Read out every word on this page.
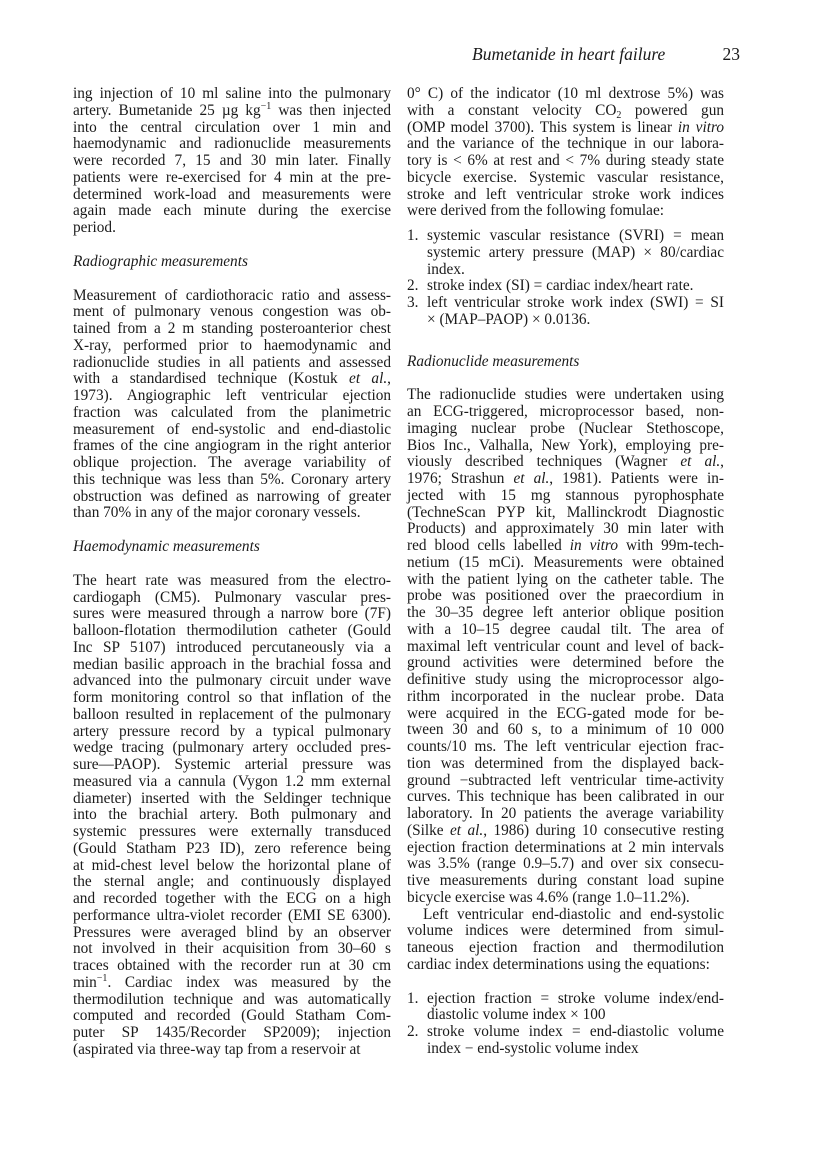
Bumetanide in heart failure	23
ing injection of 10 ml saline into the pulmonary
artery. Bumetanide 25 µg $kg^{-1}$ was then injected
into the central circulation over 1 min and
haemodynamic and radionuclide measurements
were recorded 7, 15 and 30 min later. Finally
patients were re-exercised for 4 min at the pre-
determined work-load and measurements were
again made each minute during the exercise
period.
Radiographic measurements
Measurement of cardiothoracic ratio and assess-
ment of pulmonary venous congestion was ob-
tained from a 2 m standing posteroanterior chest
X-ray, performed prior to haemodynamic and
radionuclide studies in all patients and assessed
with a standardised technique (Kostuk et al.,
1973). Angiographic left ventricular ejection
fraction was calculated from the planimetric
measurement of end-systolic and end-diastolic
frames of the cine angiogram in the right anterior
oblique projection. The average variability of
this technique was less than 5%. Coronary artery
obstruction was defined as narrowing of greater
than 70% in any of the major coronary vessels.
Haemodynamic measurements
The heart rate was measured from the electro-
cardiogaph (CM5). Pulmonary vascular pres-
sures were measured through a narrow bore (7F)
balloon-flotation thermodilution catheter (Gould
Inc SP 5107) introduced percutaneously via a
median basilic approach in the brachial fossa and
advanced into the pulmonary circuit under wave
form monitoring control so that inflation of the
balloon resulted in replacement of the pulmonary
artery pressure record by a typical pulmonary
wedge tracing (pulmonary artery occluded pres-
sure—PAOP). Systemic arterial pressure was
measured via a cannula (Vygon 1.2 mm external
diameter) inserted with the Seldinger technique
into the brachial artery. Both pulmonary and
systemic pressures were externally transduced
(Gould Statham P23 ID), zero reference being
at mid-chest level below the horizontal plane of
the sternal angle; and continuously displayed
and recorded together with the ECG on a high
performance ultra-violet recorder (EMI SE 6300).
Pressures were averaged blind by an observer
not involved in their acquisition from 30–60 s
traces obtained with the recorder run at 30 cm
$\min^{-1}$. Cardiac index was measured by the
thermodilution technique and was automatically
computed and recorded (Gould Statham Com-
puter SP 1435/Recorder SP2009); injection
(aspirated via three-way tap from a reservoir at
0° C) of the indicator (10 ml dextrose 5%) was
with a constant velocity $CO_2$ powered gun
(OMP model 3700). This system is linear in vitro
and the variance of the technique in our labora-
tory is < 6% at rest and < 7% during steady state
bicycle exercise. Systemic vascular resistance,
stroke and left ventricular stroke work indices
were derived from the following fomulae:
1. systemic vascular resistance (SVRI) = mean
systemic artery pressure (MAP) × 80/cardiac
index.
2. stroke index (SI) = cardiac index/heart rate.
3. left ventricular stroke work index (SWI) = SI
× (MAP–PAOP) × 0.0136.
Radionuclide measurements
The radionuclide studies were undertaken using
an ECG-triggered, microprocessor based, non-
imaging nuclear probe (Nuclear Stethoscope,
Bios Inc., Valhalla, New York), employing pre-
viously described techniques (Wagner et al.,
1976; Strashun et al., 1981). Patients were in-
jected with 15 mg stannous pyrophosphate
(TechneScan PYP kit, Mallinckrodt Diagnostic
Products) and approximately 30 min later with
red blood cells labelled in vitro with 99m-tech-
netium (15 mCi). Measurements were obtained
with the patient lying on the catheter table. The
probe was positioned over the praecordium in
the 30–35 degree left anterior oblique position
with a 10–15 degree caudal tilt. The area of
maximal left ventricular count and level of back-
ground activities were determined before the
definitive study using the microprocessor algo-
rithm incorporated in the nuclear probe. Data
were acquired in the ECG-gated mode for be-
tween 30 and 60 s, to a minimum of 10 000
counts/10 ms. The left ventricular ejection frac-
tion was determined from the displayed back-
ground −subtracted left ventricular time-activity
curves. This technique has been calibrated in our
laboratory. In 20 patients the average variability
(Silke et al., 1986) during 10 consecutive resting
ejection fraction determinations at 2 min intervals
was 3.5% (range 0.9–5.7) and over six consecu-
tive measurements during constant load supine
bicycle exercise was 4.6% (range 1.0–11.2%).
Left ventricular end-diastolic and end-systolic
volume indices were determined from simul-
taneous ejection fraction and thermodilution
cardiac index determinations using the equations:
1. ejection fraction = stroke volume index/end-
diastolic volume index × 100
2. stroke volume index = end-diastolic volume
index − end-systolic volume index
